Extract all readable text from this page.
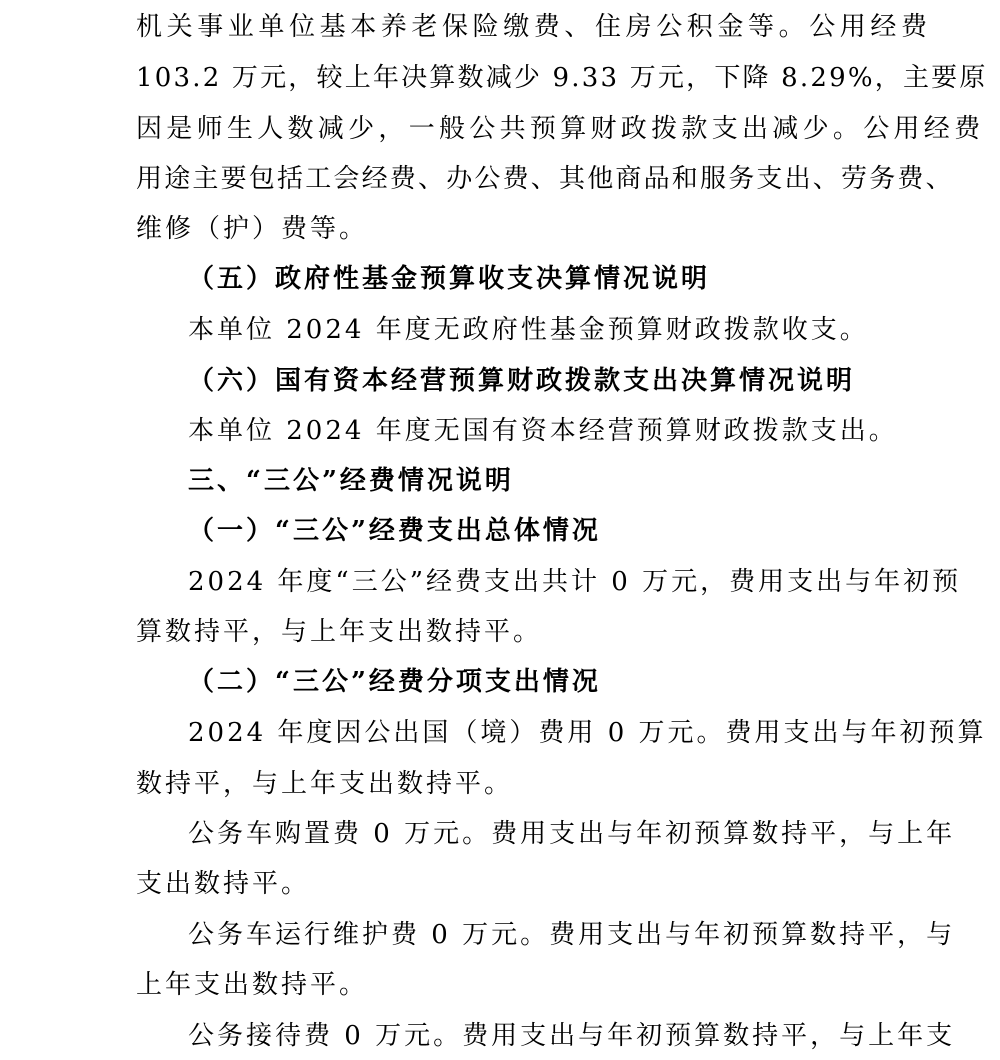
机关事业单位基本养老保险缴费、住房公积金等。公用经费
103.2 万元，较上年决算数减少 9.33 万元，下降 8.29%，主要原
因是师生人数减少，一般公共预算财政拨款支出减少。公用经费
用途主要包括工会经费、办公费、其他商品和服务支出、劳务费、
维修（护）费等。
（五）政府性基金预算收支决算情况说明
本单位 2024 年度无政府性基金预算财政拨款收支。
（六）国有资本经营预算财政拨款支出决算情况说明
本单位 2024 年度无国有资本经营预算财政拨款支出。
三、“三公”经费情况说明
（一）“三公”经费支出总体情况
2024 年度“三公”经费支出共计 0 万元，费用支出与年初预
算数持平，与上年支出数持平。
（二）“三公”经费分项支出情况
2024 年度因公出国（境）费用 0 万元。费用支出与年初预算
数持平，与上年支出数持平。
公务车购置费 0 万元。费用支出与年初预算数持平，与上年
支出数持平。
公务车运行维护费 0 万元。费用支出与年初预算数持平，与
上年支出数持平。
公务接待费 0 万元。费用支出与年初预算数持平，与上年支
